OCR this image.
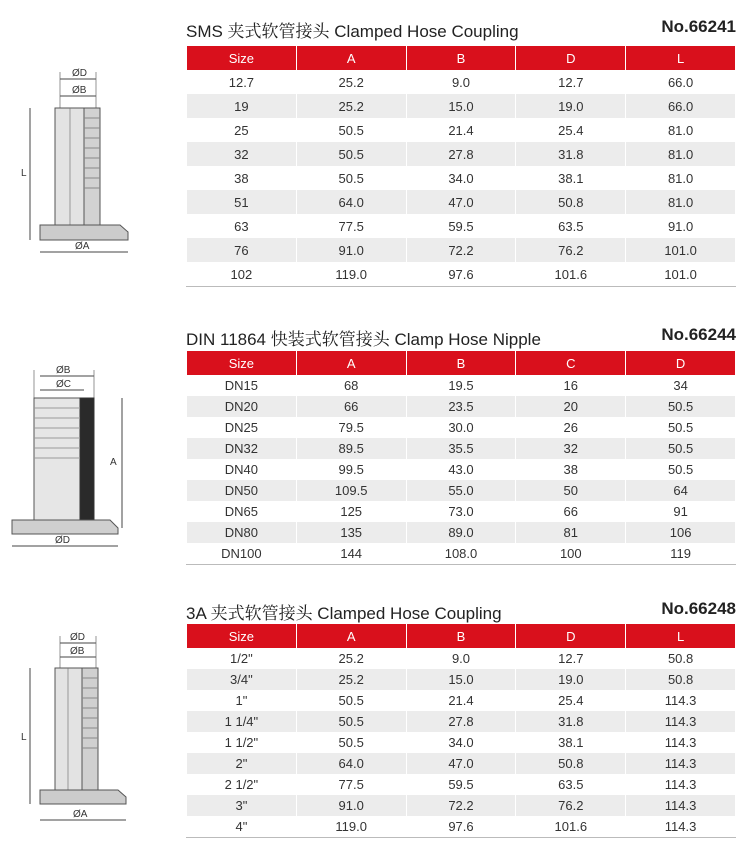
ØD
ØB
L
ØA
SMS 夹式软管接头 Clamped Hose Coupling	No.66241
Size	A	B	D	L
12.7	25.2	9.0	12.7	66.0
19	25.2	15.0	19.0	66.0
25	50.5	21.4	25.4	81.0
32	50.5	27.8	31.8	81.0
38	50.5	34.0	38.1	81.0
51	64.0	47.0	50.8	81.0
63	77.5	59.5	63.5	91.0
76	91.0	72.2	76.2	101.0
102	119.0	97.6	101.6	101.0
ØB
ØC
A
ØD
DIN 11864 快装式软管接头 Clamp Hose Nipple	No.66244
Size	A	B	C	D
DN15	68	19.5	16	34
DN20	66	23.5	20	50.5
DN25	79.5	30.0	26	50.5
DN32	89.5	35.5	32	50.5
DN40	99.5	43.0	38	50.5
DN50	109.5	55.0	50	64
DN65	125	73.0	66	91
DN80	135	89.0	81	106
DN100	144	108.0	100	119
ØD
ØB
L
ØA
3A 夹式软管接头 Clamped Hose Coupling	No.66248
Size	A	B	D	L
1/2"	25.2	9.0	12.7	50.8
3/4"	25.2	15.0	19.0	50.8
1"	50.5	21.4	25.4	114.3
1 1/4"	50.5	27.8	31.8	114.3
1 1/2"	50.5	34.0	38.1	114.3
2"	64.0	47.0	50.8	114.3
2 1/2"	77.5	59.5	63.5	114.3
3"	91.0	72.2	76.2	114.3
4"	119.0	97.6	101.6	114.3
